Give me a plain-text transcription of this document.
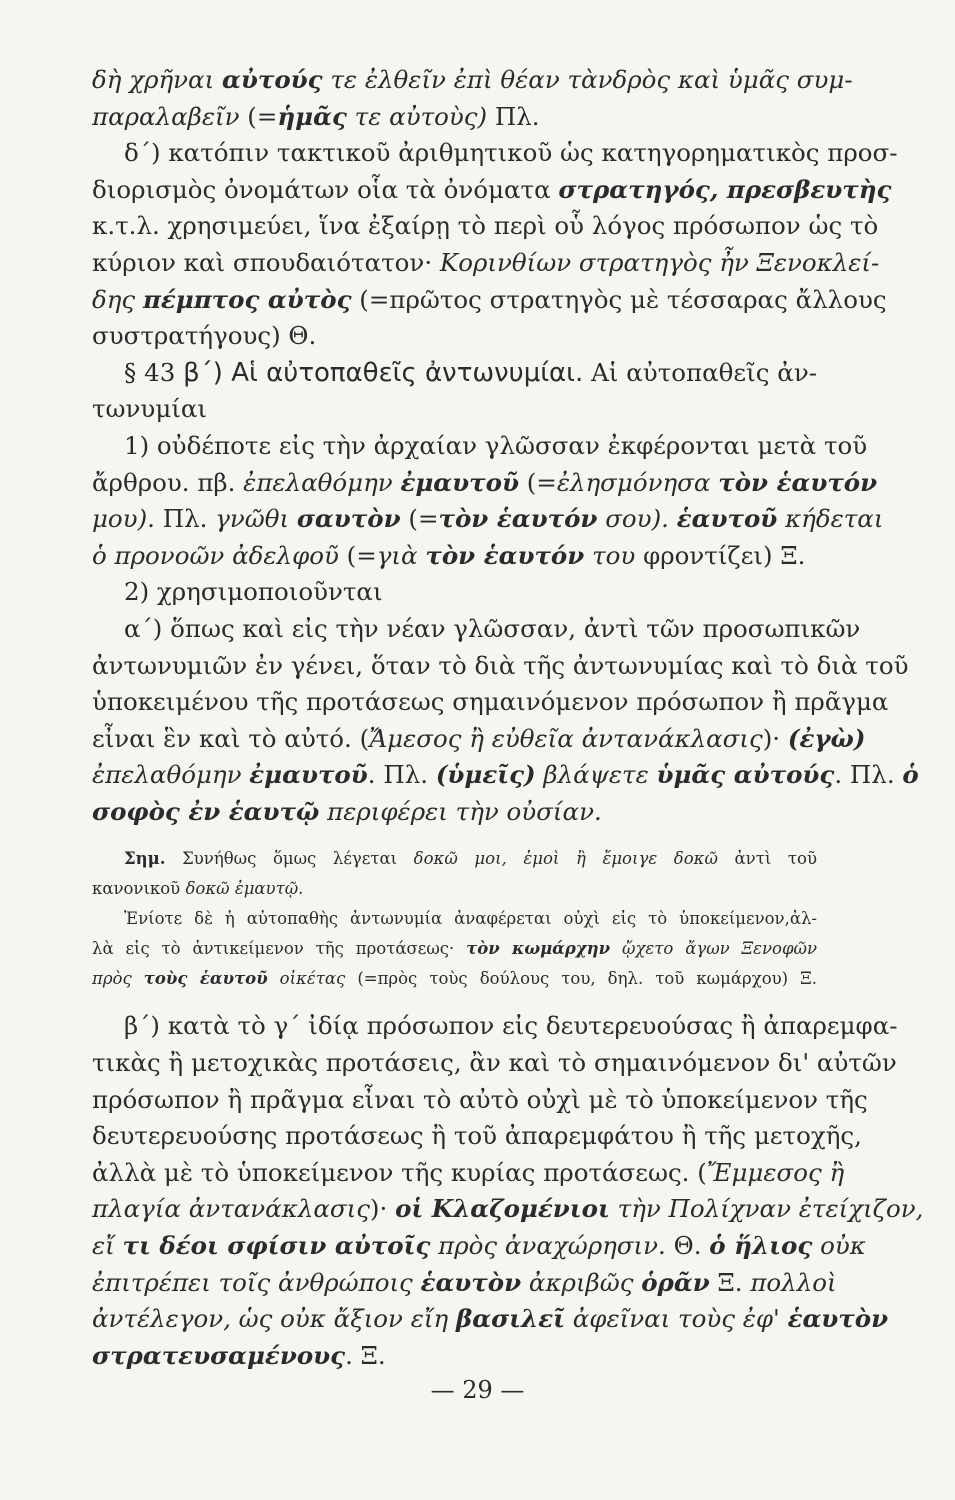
δὴ χρῆναι αὐτούς τε ἐλθεῖν ἐπὶ θέαν τὰνδρὸς καὶ ὑμᾶς συμ-
παραλαβεῖν (=ἡμᾶς τε αὐτοὺς) Πλ.
δ΄) κατόπιν τακτικοῦ ἀριθμητικοῦ ὡς κατηγορηματικὸς προσ-
διορισμὸς ὀνομάτων οἷα τὰ ὀνόματα στρατηγός, πρεσβευτὴς
κ.τ.λ. χρησιμεύει, ἵνα ἐξαίρῃ τὸ περὶ οὗ λόγος πρόσωπον ὡς τὸ
κύριον καὶ σπουδαιότατον· Κορινθίων στρατηγὸς ἦν Ξενοκλεί-
δης πέμπτος αὐτὸς (=πρῶτος στρατηγὸς μὲ τέσσαρας ἄλλους
συστρατήγους) Θ.
§ 43 β΄) Αἱ αὐτοπαθεῖς ἀντωνυμίαι. Αἱ αὐτοπαθεῖς ἀν-
τωνυμίαι
1) οὐδέποτε εἰς τὴν ἀρχαίαν γλῶσσαν ἐκφέρονται μετὰ τοῦ
ἄρθρου. πβ. ἐπελαθόμην ἐμαυτοῦ (=ἐλησμόνησα τὸν ἑαυτόν
μου). Πλ. γνῶθι σαυτὸν (=τὸν ἑαυτόν σου). ἑαυτοῦ κήδεται
ὁ προνοῶν ἀδελφοῦ (=γιὰ τὸν ἑαυτόν του φροντίζει) Ξ.
2) χρησιμοποιοῦνται
α΄) ὅπως καὶ εἰς τὴν νέαν γλῶσσαν, ἀντὶ τῶν προσωπικῶν
ἀντωνυμιῶν ἐν γένει, ὅταν τὸ διὰ τῆς ἀντωνυμίας καὶ τὸ διὰ τοῦ
ὑποκειμένου τῆς προτάσεως σημαινόμενον πρόσωπον ἢ πρᾶγμα
εἶναι ἓν καὶ τὸ αὐτό. (Ἄμεσος ἢ εὐθεῖα ἀντανάκλασις)· (ἐγὼ)
ἐπελαθόμην ἐμαυτοῦ. Πλ. (ὑμεῖς) βλάψετε ὑμᾶς αὐτούς. Πλ. ὁ
σοφὸς ἐν ἑαυτῷ περιφέρει τὴν οὐσίαν.
Σημ. Συνήθως ὅμως λέγεται δοκῶ μοι, ἐμοὶ ἢ ἔμοιγε δοκῶ ἀντὶ τοῦ
κανονικοῦ δοκῶ ἐμαυτῷ.
Ἐνίοτε δὲ ἡ αὐτοπαθὴς ἀντωνυμία ἀναφέρεται οὐχὶ εἰς τὸ ὑποκείμενον,ἀλ-
λὰ εἰς τὸ ἀντικείμενον τῆς προτάσεως· τὸν κωμάρχην ᾤχετο ἄγων Ξενοφῶν
πρὸς τοὺς ἑαυτοῦ οἰκέτας (=πρὸς τοὺς δούλους του, δηλ. τοῦ κωμάρχου) Ξ.
β΄) κατὰ τὸ γ΄ ἰδίᾳ πρόσωπον εἰς δευτερευούσας ἢ ἀπαρεμφα-
τικὰς ἢ μετοχικὰς προτάσεις, ἂν καὶ τὸ σημαινόμενον δι' αὐτῶν
πρόσωπον ἢ πρᾶγμα εἶναι τὸ αὐτὸ οὐχὶ μὲ τὸ ὑποκείμενον τῆς
δευτερευούσης προτάσεως ἢ τοῦ ἀπαρεμφάτου ἢ τῆς μετοχῆς,
ἀλλὰ μὲ τὸ ὑποκείμενον τῆς κυρίας προτάσεως. (Ἔμμεσος ἢ
πλαγία ἀντανάκλασις)· οἱ Κλαζομένιοι τὴν Πολίχναν ἐτείχιζον,
εἴ τι δέοι σφίσιν αὐτοῖς πρὸς ἀναχώρησιν. Θ. ὁ ἥλιος οὐκ
ἐπιτρέπει τοῖς ἀνθρώποις ἑαυτὸν ἀκριβῶς ὁρᾶν Ξ. πολλοὶ
ἀντέλεγον, ὡς οὐκ ἄξιον εἴη βασιλεῖ ἀφεῖναι τοὺς ἐφ' ἑαυτὸν
στρατευσαμένους. Ξ.
— 29 —
